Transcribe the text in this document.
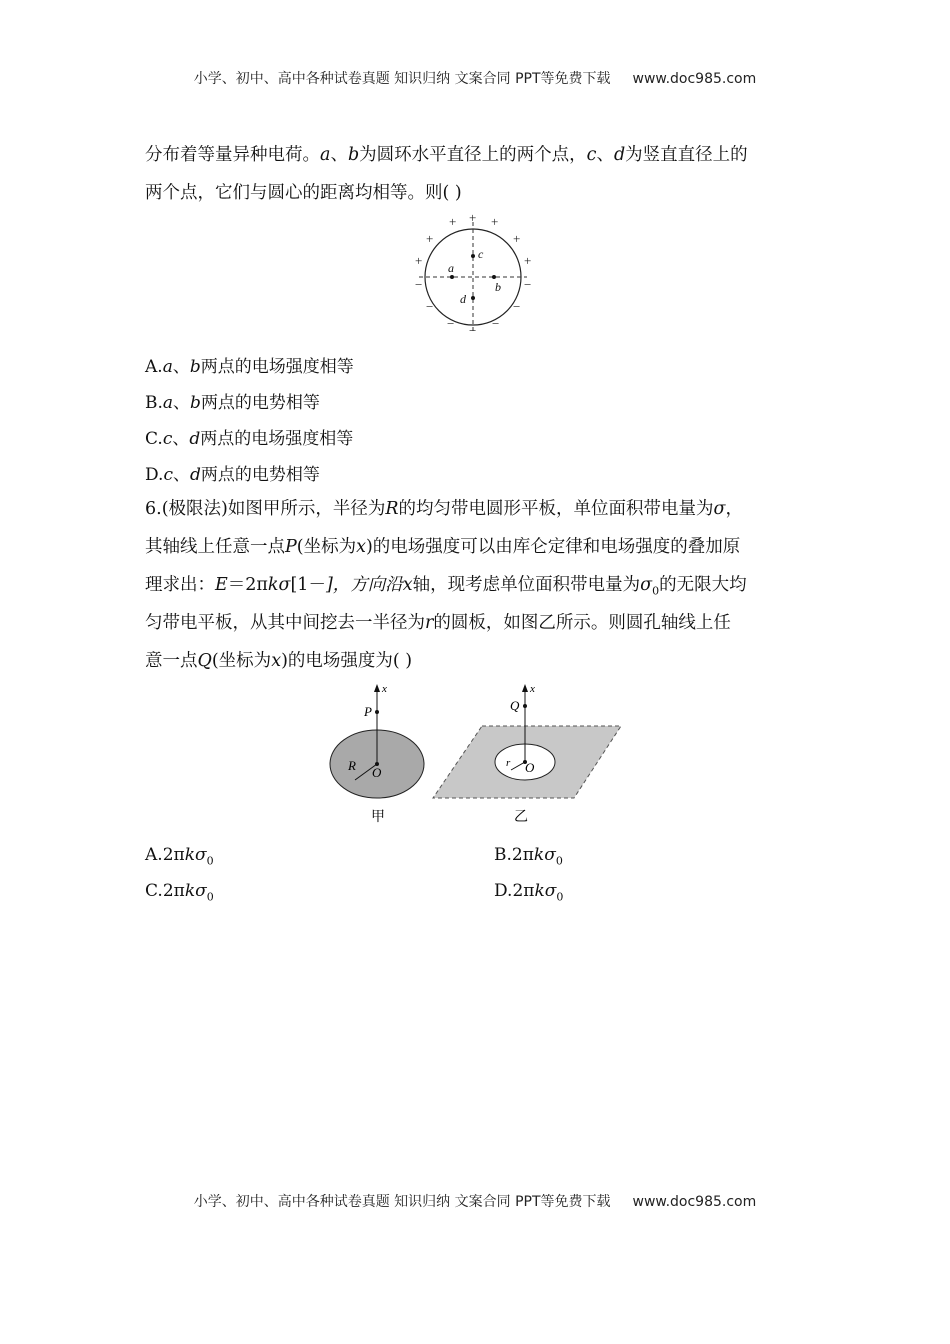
小学、初中、高中各种试卷真题 知识归纳 文案合同 PPT等免费下载 www.doc985.com
分布着等量异种电荷。a、b为圆环水平直径上的两个点，c、d为竖直直径上的
两个点，它们与圆心的距离均相等。则( )
+ + +
+	+
+	+
−	−
−	−
− − −
c
d
a
b
A.a、b两点的电场强度相等
B.a、b两点的电势相等
C.c、d两点的电场强度相等
D.c、d两点的电势相等
6.(极限法)如图甲所示，半径为R的均匀带电圆形平板，单位面积带电量为σ，
其轴线上任意一点P(坐标为x)的电场强度可以由库仑定律和电场强度的叠加原
理求出：E＝2πkσ[1－]，方向沿x轴，现考虑单位面积带电量为$\sigma_0$的无限大均
匀带电平板，从其中间挖去一半径为r的圆板，如图乙所示。则圆孔轴线上任
意一点Q(坐标为x)的电场强度为( )
x
P
R O
甲
x
Q
r O
乙
A.2πkσ$_0$	B.2πkσ$_0$
C.2πkσ$_0$	D.2πkσ$_0$
小学、初中、高中各种试卷真题 知识归纳 文案合同 PPT等免费下载 www.doc985.com
